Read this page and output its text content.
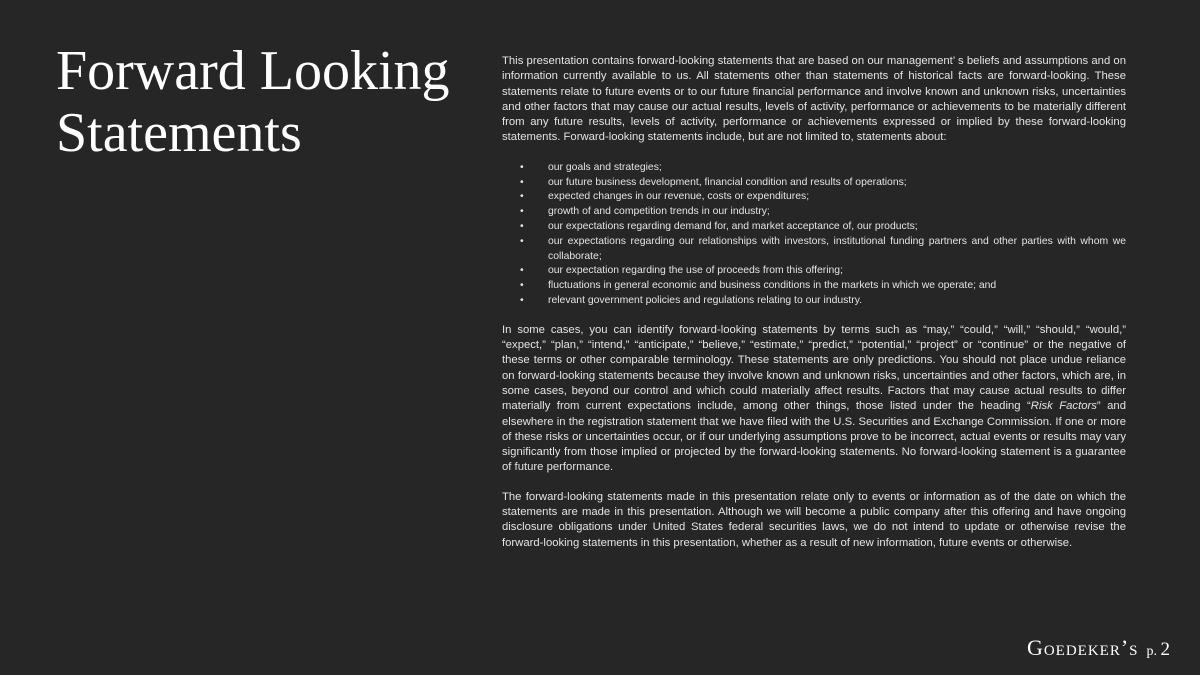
Forward Looking
Statements

This presentation contains forward-looking statements that are based on our management’ s beliefs and assumptions and on information currently available to us. All statements other than statements of historical facts are forward-looking. These statements relate to future events or to our future financial performance and involve known and unknown risks, uncertainties and other factors that may cause our actual results, levels of activity, performance or achievements to be materially different from any future results, levels of activity, performance or achievements expressed or implied by these forward-looking statements. Forward-looking statements include, but are not limited to, statements about:

• our goals and strategies;
• our future business development, financial condition and results of operations;
• expected changes in our revenue, costs or expenditures;
• growth of and competition trends in our industry;
• our expectations regarding demand for, and market acceptance of, our products;
• our expectations regarding our relationships with investors, institutional funding partners and other parties with whom we collaborate;
• our expectation regarding the use of proceeds from this offering;
• fluctuations in general economic and business conditions in the markets in which we operate; and
• relevant government policies and regulations relating to our industry.

In some cases, you can identify forward-looking statements by terms such as “may,” “could,” “will,” “should,” “would,” “expect,” “plan,” “intend,” “anticipate,” “believe,” “estimate,” “predict,” “potential,” “project” or “continue” or the negative of these terms or other comparable terminology. These statements are only predictions. You should not place undue reliance on forward-looking statements because they involve known and unknown risks, uncertainties and other factors, which are, in some cases, beyond our control and which could materially affect results. Factors that may cause actual results to differ materially from current expectations include, among other things, those listed under the heading “Risk Factors” and elsewhere in the registration statement that we have filed with the U.S. Securities and Exchange Commission. If one or more of these risks or uncertainties occur, or if our underlying assumptions prove to be incorrect, actual events or results may vary significantly from those implied or projected by the forward-looking statements. No forward-looking statement is a guarantee of future performance.

The forward-looking statements made in this presentation relate only to events or information as of the date on which the statements are made in this presentation. Although we will become a public company after this offering and have ongoing disclosure obligations under United States federal securities laws, we do not intend to update or otherwise revise the forward-looking statements in this presentation, whether as a result of new information, future events or otherwise.

Goedeker’s p. 2
